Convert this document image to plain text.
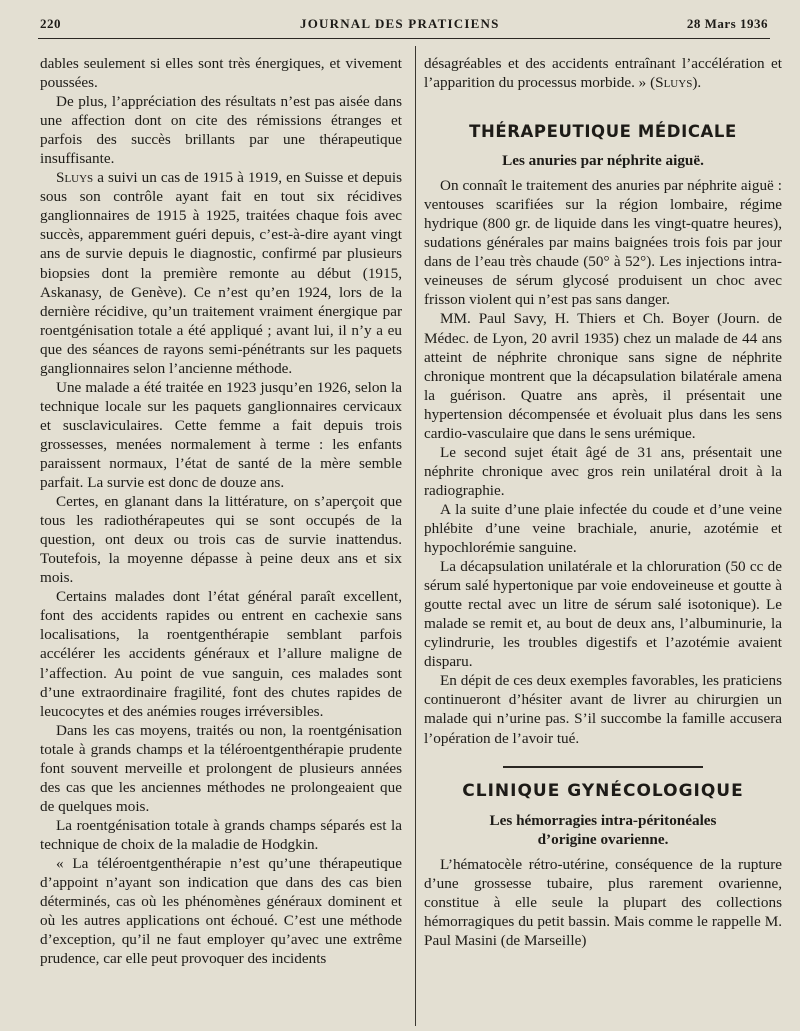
220	JOURNAL DES PRATICIENS	28 Mars 1936

dables seulement si elles sont très énergiques, et vivement poussées.

De plus, l’appréciation des résultats n’est pas aisée dans une affection dont on cite des rémissions étranges et parfois des succès brillants par une thérapeutique insuffisante.

Sluys a suivi un cas de 1915 à 1919, en Suisse et depuis sous son contrôle ayant fait en tout six récidives ganglionnaires de 1915 à 1925, traitées chaque fois avec succès, apparemment guéri depuis, c’est-à-dire ayant vingt ans de survie depuis le diagnostic, confirmé par plusieurs biopsies dont la première remonte au début (1915, Askanasy, de Genève). Ce n’est qu’en 1924, lors de la dernière récidive, qu’un traitement vraiment énergique par roentgénisation totale a été appliqué ; avant lui, il n’y a eu que des séances de rayons semi-pénétrants sur les paquets ganglionnaires selon l’ancienne méthode.

Une malade a été traitée en 1923 jusqu’en 1926, selon la technique locale sur les paquets ganglionnaires cervicaux et susclaviculaires. Cette femme a fait depuis trois grossesses, menées normalement à terme : les enfants paraissent normaux, l’état de santé de la mère semble parfait. La survie est donc de douze ans.

Certes, en glanant dans la littérature, on s’aperçoit que tous les radiothérapeutes qui se sont occupés de la question, ont deux ou trois cas de survie inattendus. Toutefois, la moyenne dépasse à peine deux ans et six mois.

Certains malades dont l’état général paraît excellent, font des accidents rapides ou entrent en cachexie sans localisations, la roentgenthérapie semblant parfois accélérer les accidents généraux et l’allure maligne de l’affection. Au point de vue sanguin, ces malades sont d’une extraordinaire fragilité, font des chutes rapides de leucocytes et des anémies rouges irréversibles.

Dans les cas moyens, traités ou non, la roentgénisation totale à grands champs et la téléroentgenthérapie prudente font souvent merveille et prolongent de plusieurs années des cas que les anciennes méthodes ne prolongeaient que de quelques mois.

La roentgénisation totale à grands champs séparés est la technique de choix de la maladie de Hodgkin.

« La téléroentgenthérapie n’est qu’une thérapeutique d’appoint n’ayant son indication que dans des cas bien déterminés, cas où les phénomènes généraux dominent et où les autres applications ont échoué. C’est une méthode d’exception, qu’il ne faut employer qu’avec une extrême prudence, car elle peut provoquer des incidents

désagréables et des accidents entraînant l’accélération et l’apparition du processus morbide. » (Sluys).

THÉRAPEUTIQUE MÉDICALE
Les anuries par néphrite aiguë.

On connaît le traitement des anuries par néphrite aiguë : ventouses scarifiées sur la région lombaire, régime hydrique (800 gr. de liquide dans les vingt-quatre heures), sudations générales par mains baignées trois fois par jour dans de l’eau très chaude (50° à 52°). Les injections intra-veineuses de sérum glycosé produisent un choc avec frisson violent qui n’est pas sans danger.

MM. Paul Savy, H. Thiers et Ch. Boyer (Journ. de Médec. de Lyon, 20 avril 1935) chez un malade de 44 ans atteint de néphrite chronique sans signe de néphrite chronique montrent que la décapsulation bilatérale amena la guérison. Quatre ans après, il présentait une hypertension décompensée et évoluait plus dans les sens cardio-vasculaire que dans le sens urémique.

Le second sujet était âgé de 31 ans, présentait une néphrite chronique avec gros rein unilatéral droit à la radiographie.

A la suite d’une plaie infectée du coude et d’une veine phlébite d’une veine brachiale, anurie, azotémie et hypochlorémie sanguine.

La décapsulation unilatérale et la chloruration (50 cc de sérum salé hypertonique par voie endoveineuse et goutte à goutte rectal avec un litre de sérum salé isotonique). Le malade se remit et, au bout de deux ans, l’albuminurie, la cylindrurie, les troubles digestifs et l’azotémie avaient disparu.

En dépit de ces deux exemples favorables, les praticiens continueront d’hésiter avant de livrer au chirurgien un malade qui n’urine pas. S’il succombe la famille accusera l’opération de l’avoir tué.

CLINIQUE GYNÉCOLOGIQUE
Les hémorragies intra-péritonéales
d’origine ovarienne.

L’hématocèle rétro-utérine, conséquence de la rupture d’une grossesse tubaire, plus rarement ovarienne, constitue à elle seule la plupart des collections hémorragiques du petit bassin. Mais comme le rappelle M. Paul Masini (de Marseille)
